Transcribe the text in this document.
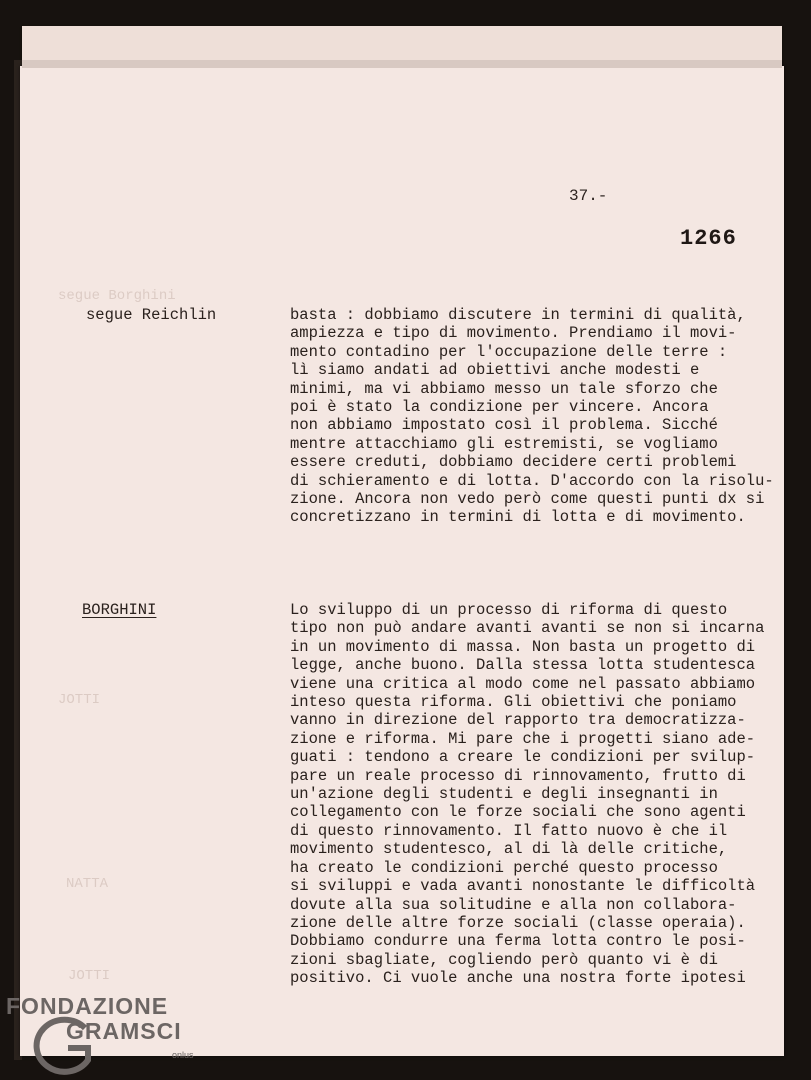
37.-
1266
segue Borghini
JOTTI
NATTA
JOTTI
segue Reichlin	basta : dobbiamo discutere in termini di qualità,
ampiezza e tipo di movimento. Prendiamo il movi-
mento contadino per l'occupazione delle terre :
lì siamo andati ad obiettivi anche modesti e
minimi, ma vi abbiamo messo un tale sforzo che
poi è stato la condizione per vincere. Ancora
non abbiamo impostato così il problema. Sicché
mentre attacchiamo gli estremisti, se vogliamo
essere creduti, dobbiamo decidere certi problemi
di schieramento e di lotta. D'accordo con la risolu-
zione. Ancora non vedo però come questi punti dx si
concretizzano in termini di lotta e di movimento.
BORGHINI	Lo sviluppo di un processo di riforma di questo
tipo non può andare avanti avanti se non si incarna
in un movimento di massa. Non basta un progetto di
legge, anche buono. Dalla stessa lotta studentesca
viene una critica al modo come nel passato abbiamo
inteso questa riforma. Gli obiettivi che poniamo
vanno in direzione del rapporto tra democratizza-
zione e riforma. Mi pare che i progetti siano ade-
guati : tendono a creare le condizioni per svilup-
pare un reale processo di rinnovamento, frutto di
un'azione degli studenti e degli insegnanti in
collegamento con le forze sociali che sono agenti
di questo rinnovamento. Il fatto nuovo è che il
movimento studentesco, al di là delle critiche,
ha creato le condizioni perché questo processo
si sviluppi e vada avanti nonostante le difficoltà
dovute alla sua solitudine e alla non collabora-
zione delle altre forze sociali (classe operaia).
Dobbiamo condurre una ferma lotta contro le posi-
zioni sbagliate, cogliendo però quanto vi è di
positivo. Ci vuole anche una nostra forte ipotesi
FONDAZIONE
GRAMSCI
onlus
